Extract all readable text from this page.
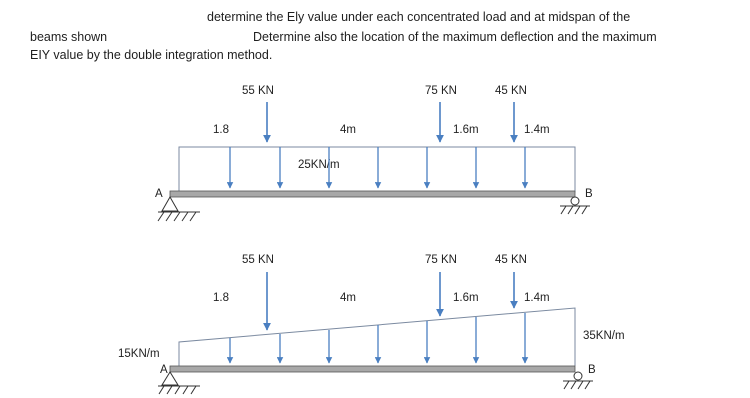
determine the Ely value under each concentrated load and at midspan of the
beams shown	Determine also the location of the maximum deflection and the maximum
EIY value by the double integration method.
55 KN	75 KN	45 KN
1.8	4m	1.6m	1.4m
25KN/m
A	B
55 KN	75 KN	45 KN
1.8	4m	1.6m	1.4m
35KN/m
15KN/m
A	B
